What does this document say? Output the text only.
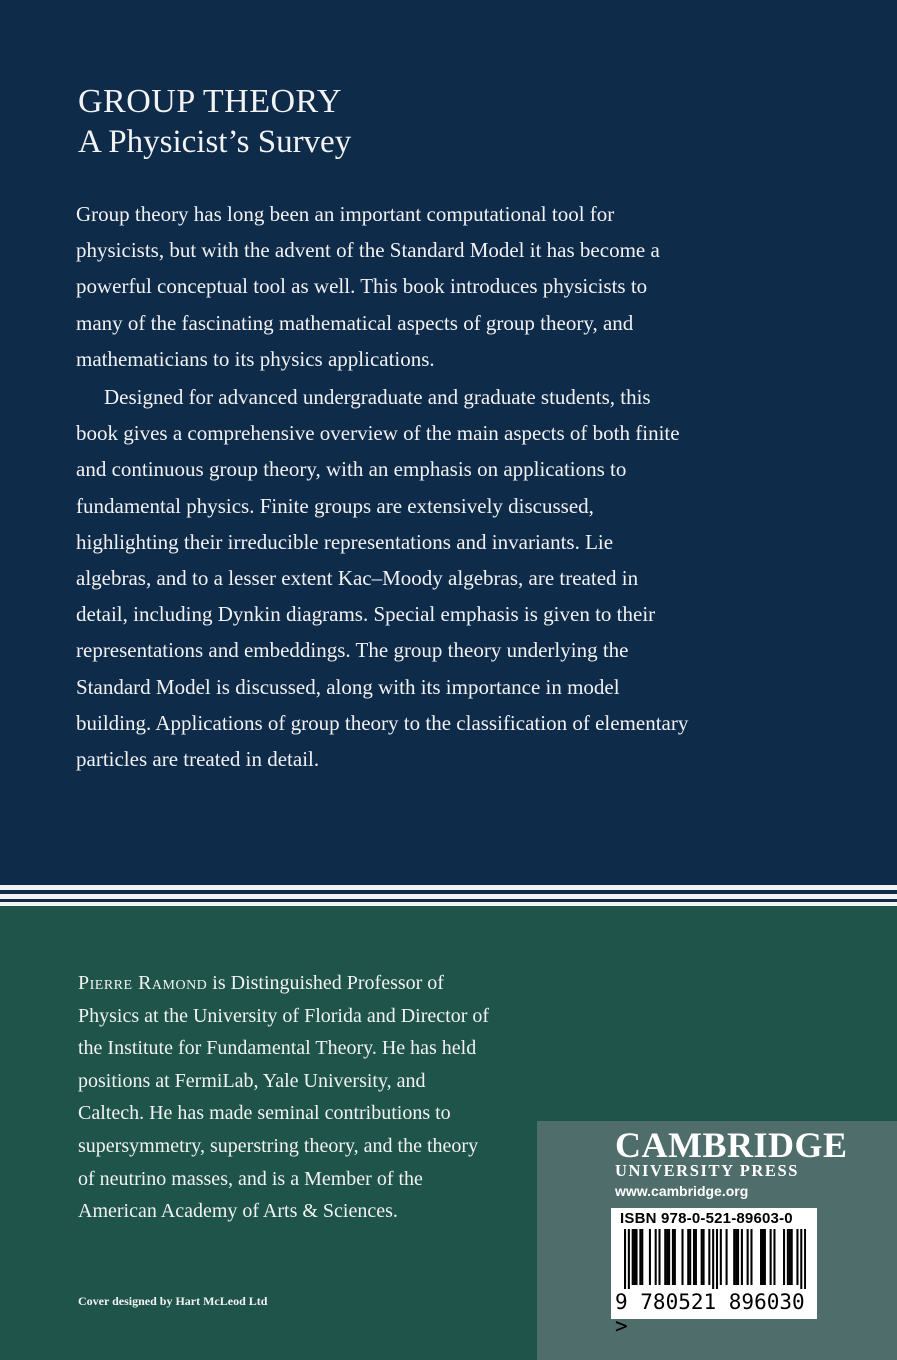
GROUP THEORY
A Physicist’s Survey

Group theory has long been an important computational tool for physicists, but with the advent of the Standard Model it has become a powerful conceptual tool as well. This book introduces physicists to many of the fascinating mathematical aspects of group theory, and mathematicians to its physics applications.

Designed for advanced undergraduate and graduate students, this book gives a comprehensive overview of the main aspects of both finite and continuous group theory, with an emphasis on applications to fundamental physics. Finite groups are extensively discussed, highlighting their irreducible representations and invariants. Lie algebras, and to a lesser extent Kac–Moody algebras, are treated in detail, including Dynkin diagrams. Special emphasis is given to their representations and embeddings. The group theory underlying the Standard Model is discussed, along with its importance in model building. Applications of group theory to the classification of elementary particles are treated in detail.

Pierre Ramond is Distinguished Professor of Physics at the University of Florida and Director of the Institute for Fundamental Theory. He has held positions at FermiLab, Yale University, and Caltech. He has made seminal contributions to supersymmetry, superstring theory, and the theory of neutrino masses, and is a Member of the American Academy of Arts & Sciences.
Cover designed by Hart McLeod Ltd
CAMBRIDGE
UNIVERSITY PRESS
www.cambridge.org
ISBN 978-0-521-89603-0
9 780521 896030 >
